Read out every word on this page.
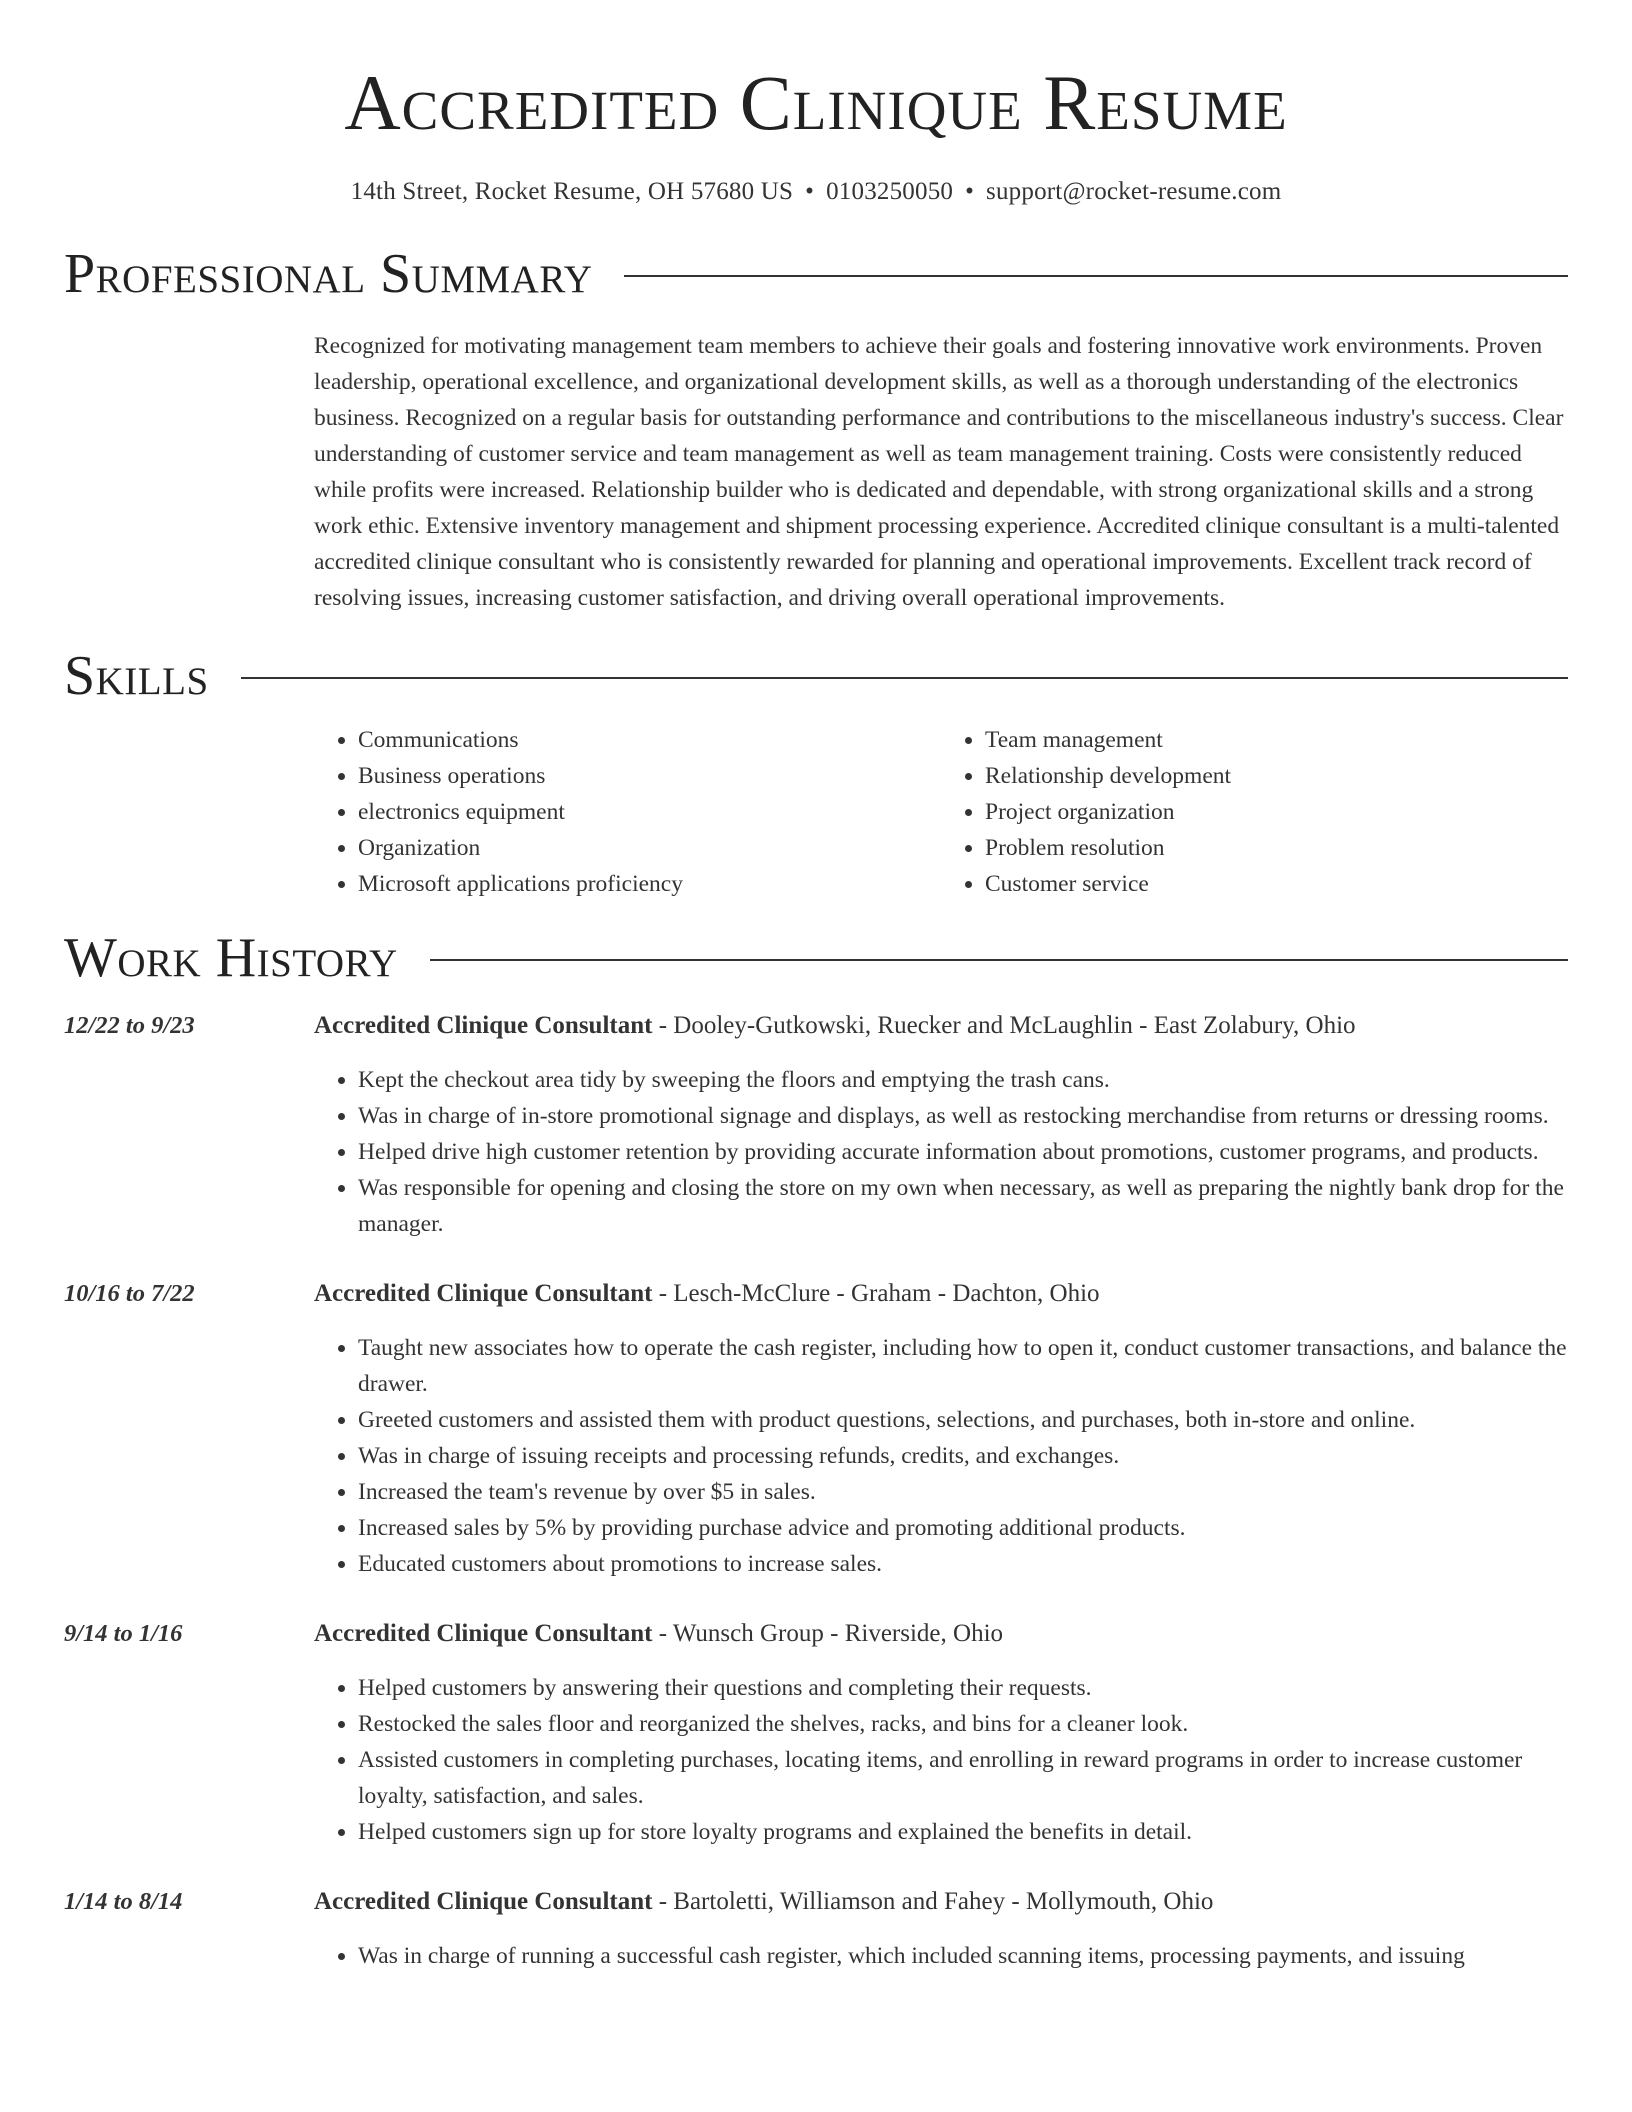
Accredited Clinique Resume
14th Street, Rocket Resume, OH 57680 US • 0103250050 • support@rocket-resume.com
Professional Summary
Recognized for motivating management team members to achieve their goals and fostering innovative work environments. Proven leadership, operational excellence, and organizational development skills, as well as a thorough understanding of the electronics business. Recognized on a regular basis for outstanding performance and contributions to the miscellaneous industry's success. Clear understanding of customer service and team management as well as team management training. Costs were consistently reduced while profits were increased. Relationship builder who is dedicated and dependable, with strong organizational skills and a strong work ethic. Extensive inventory management and shipment processing experience. Accredited clinique consultant is a multi-talented accredited clinique consultant who is consistently rewarded for planning and operational improvements. Excellent track record of resolving issues, increasing customer satisfaction, and driving overall operational improvements.
Skills
• Communications
• Business operations
• electronics equipment
• Organization
• Microsoft applications proficiency
• Team management
• Relationship development
• Project organization
• Problem resolution
• Customer service
Work History
12/22 to 9/23	Accredited Clinique Consultant - Dooley-Gutkowski, Ruecker and McLaughlin - East Zolabury, Ohio
• Kept the checkout area tidy by sweeping the floors and emptying the trash cans.
• Was in charge of in-store promotional signage and displays, as well as restocking merchandise from returns or dressing rooms.
• Helped drive high customer retention by providing accurate information about promotions, customer programs, and products.
• Was responsible for opening and closing the store on my own when necessary, as well as preparing the nightly bank drop for the manager.
10/16 to 7/22	Accredited Clinique Consultant - Lesch-McClure - Graham - Dachton, Ohio
• Taught new associates how to operate the cash register, including how to open it, conduct customer transactions, and balance the drawer.
• Greeted customers and assisted them with product questions, selections, and purchases, both in-store and online.
• Was in charge of issuing receipts and processing refunds, credits, and exchanges.
• Increased the team's revenue by over $5 in sales.
• Increased sales by 5% by providing purchase advice and promoting additional products.
• Educated customers about promotions to increase sales.
9/14 to 1/16	Accredited Clinique Consultant - Wunsch Group - Riverside, Ohio
• Helped customers by answering their questions and completing their requests.
• Restocked the sales floor and reorganized the shelves, racks, and bins for a cleaner look.
• Assisted customers in completing purchases, locating items, and enrolling in reward programs in order to increase customer loyalty, satisfaction, and sales.
• Helped customers sign up for store loyalty programs and explained the benefits in detail.
1/14 to 8/14	Accredited Clinique Consultant - Bartoletti, Williamson and Fahey - Mollymouth, Ohio
• Was in charge of running a successful cash register, which included scanning items, processing payments, and issuing
